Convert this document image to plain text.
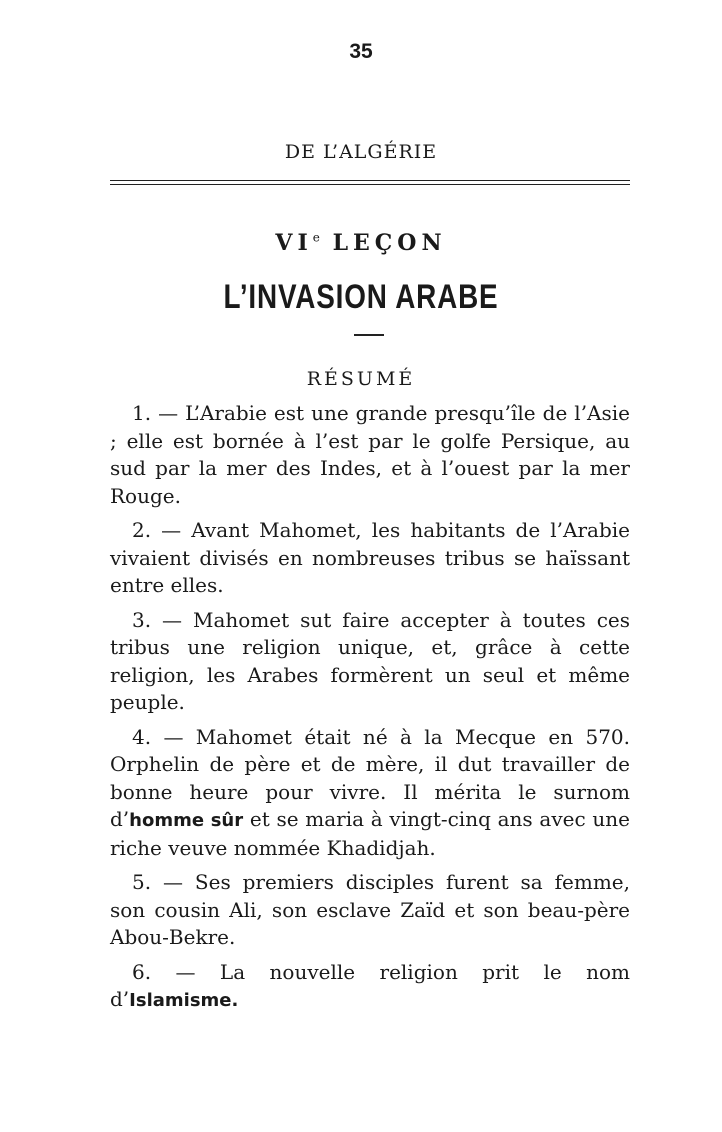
35
DE L’ALGÉRIE
VIe LEÇON
L’INVASION ARABE
RÉSUMÉ

1. — L’Arabie est une grande presqu’île de l’Asie ; elle est bornée à l’est par le golfe Persique, au sud par la mer des Indes, et à l’ouest par la mer Rouge.

2. — Avant Mahomet, les habitants de l’Arabie vivaient divisés en nombreuses tribus se haïssant entre elles.

3. — Mahomet sut faire accepter à toutes ces tribus une religion unique, et, grâce à cette religion, les Arabes formèrent un seul et même peuple.

4. — Mahomet était né à la Mecque en 570. Orphelin de père et de mère, il dut travailler de bonne heure pour vivre. Il mérita le surnom d’homme sûr et se maria à vingt-cinq ans avec une riche veuve nommée Khadidjah.

5. — Ses premiers disciples furent sa femme, son cousin Ali, son esclave Zaïd et son beau-père Abou-Bekre.

6. — La nouvelle religion prit le nom d’Islamisme.
